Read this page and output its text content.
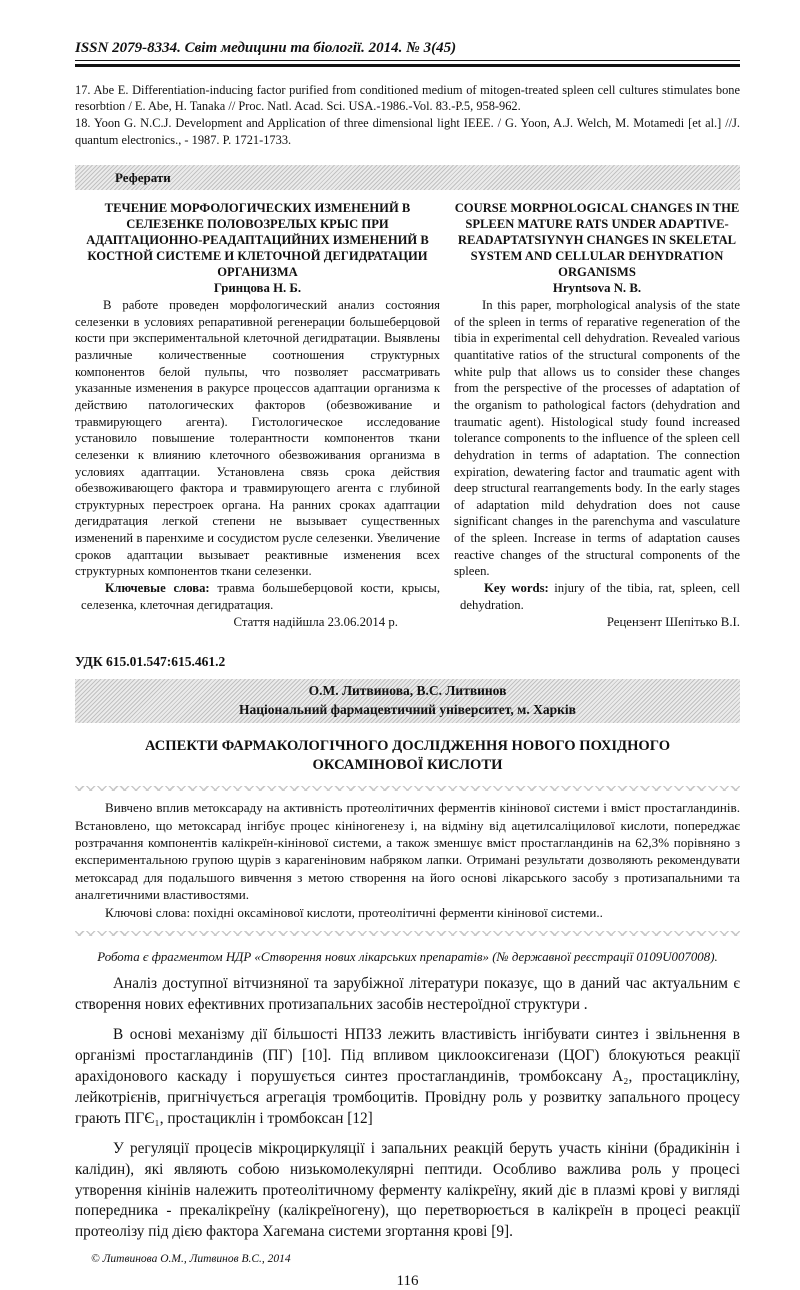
ISSN 2079-8334. Світ медицини та біології. 2014. № 3(45)

17. Abe E. Differentiation-inducing factor purified from conditioned medium of mitogen-treated spleen cell cultures stimulates bone resorbtion / E. Abe, H. Tanaka // Proc. Natl. Acad. Sci. USA.-1986.-Vol. 83.-P.5, 958-962.

18. Yoon G. N.C.J. Development and Application of three dimensional light IEEE. / G. Yoon, A.J. Welch, M. Motamedi [et al.] //J. quantum electronics., - 1987. P. 1721-1733.

Реферати

ТЕЧЕНИЕ МОРФОЛОГИЧЕСКИХ ИЗМЕНЕНИЙ В СЕЛЕЗЕНКЕ ПОЛОВОЗРЕЛЫХ КРЫС ПРИ АДАПТАЦИОННО-РЕАДАПТАЦИЙНИХ ИЗМЕНЕНИЙ В КОСТНОЙ СИСТЕМЕ И КЛЕТОЧНОЙ ДЕГИДРАТАЦИИ ОРГАНИЗМА

Гринцова Н. Б.

В работе проведен морфологический анализ состояния селезенки в условиях репаративной регенерации большеберцовой кости при экспериментальной клеточной дегидратации. Выявлены различные количественные соотношения структурных компонентов белой пульпы, что позволяет рассматривать указанные изменения в ракурсе процессов адаптации организма к действию патологических факторов (обезвоживание и травмирующего агента). Гистологическое исследование установило повышение толерантности компонентов ткани селезенки к влиянию клеточного обезвоживания организма в условиях адаптации. Установлена связь срока действия обезвоживающего фактора и травмирующего агента с глубиной структурных перестроек органа. На ранних сроках адаптации дегидратация легкой степени не вызывает существенных изменений в паренхиме и сосудистом русле селезенки. Увеличение сроков адаптации вызывает реактивные изменения всех структурных компонентов ткани селезенки.

Ключевые слова: травма большеберцовой кости, крысы, селезенка, клеточная дегидратация.

Стаття надійшла 23.06.2014 р.

COURSE MORPHOLOGICAL CHANGES IN THE SPLEEN MATURE RATS UNDER ADAPTIVE-READAPTATSIYNYH CHANGES IN SKELETAL SYSTEM AND CELLULAR DEHYDRATION ORGANISMS

Hryntsova N. B.

In this paper, morphological analysis of the state of the spleen in terms of reparative regeneration of the tibia in experimental cell dehydration. Revealed various quantitative ratios of the structural components of the white pulp that allows us to consider these changes from the perspective of the processes of adaptation of the organism to pathological factors (dehydration and traumatic agent). Histological study found increased tolerance components to the influence of the spleen cell dehydration in terms of adaptation. The connection expiration, dewatering factor and traumatic agent with deep structural rearrangements body. In the early stages of adaptation mild dehydration does not cause significant changes in the parenchyma and vasculature of the spleen. Increase in terms of adaptation causes reactive changes of the structural components of the spleen.

Key words: injury of the tibia, rat, spleen, cell dehydration.

Рецензент Шепітько В.І.

УДК 615.01.547:615.461.2
О.М. Литвинова, В.С. Литвинов
Національний фармацевтичний університет, м. Харків
АСПЕКТИ ФАРМАКОЛОГІЧНОГО ДОСЛІДЖЕННЯ НОВОГО ПОХІДНОГО ОКСАМІНОВОЇ КИСЛОТИ

Вивчено вплив метоксараду на активність протеолітичних ферментів кінінової системи і вміст простагландинів. Встановлено, що метоксарад інгібує процес кініногенезу і, на відміну від ацетилсаліцилової кислоти, попереджає розтрачання компонентів калікреїн-кінінової системи, а також зменшує вміст простагландинів на 62,3% порівняно з експериментальною групою щурів з карагеніновим набряком лапки. Отримані результати дозволяють рекомендувати метоксарад для подальшого вивчення з метою створення на його основі лікарського засобу з протизапальними та аналгетичними властивостями.

Ключові слова: похідні оксамінової кислоти, протеолітичні ферменти кінінової системи..

Робота є фрагментом НДР «Створення нових лікарських препаратів» (№ державної реєстрації 0109U007008).

Аналіз доступної вітчизняної та зарубіжної літератури показує, що в даний час актуальним є створення нових ефективних протизапальних засобів нестероїдної структури .

В основі механізму дії більшості НПЗЗ лежить властивість інгібувати синтез і звільнення в організмі простагландинів (ПГ) [10]. Під впливом циклооксигенази (ЦОГ) блокуються реакції арахідонового каскаду і порушується синтез простагландинів, тромбоксану А₂, простацикліну, лейкотрієнів, пригнічується агрегація тромбоцитів. Провідну роль у розвитку запального процесу грають ПГЄ₁, простациклін і тромбоксан [12]

У регуляції процесів мікроциркуляції і запальних реакцій беруть участь кініни (брадикінін і калідин), які являють собою низькомолекулярні пептиди. Особливо важлива роль у процесі утворення кінінів належить протеолітичному ферменту калікреїну, який діє в плазмі крові у вигляді попередника - прекалікреїну (калікреїногену), що перетворюється в калікреїн в процесі реакції протеолізу під дією фактора Хагемана системи згортання крові [9].

© Литвинова О.М., Литвинов В.С., 2014

116
